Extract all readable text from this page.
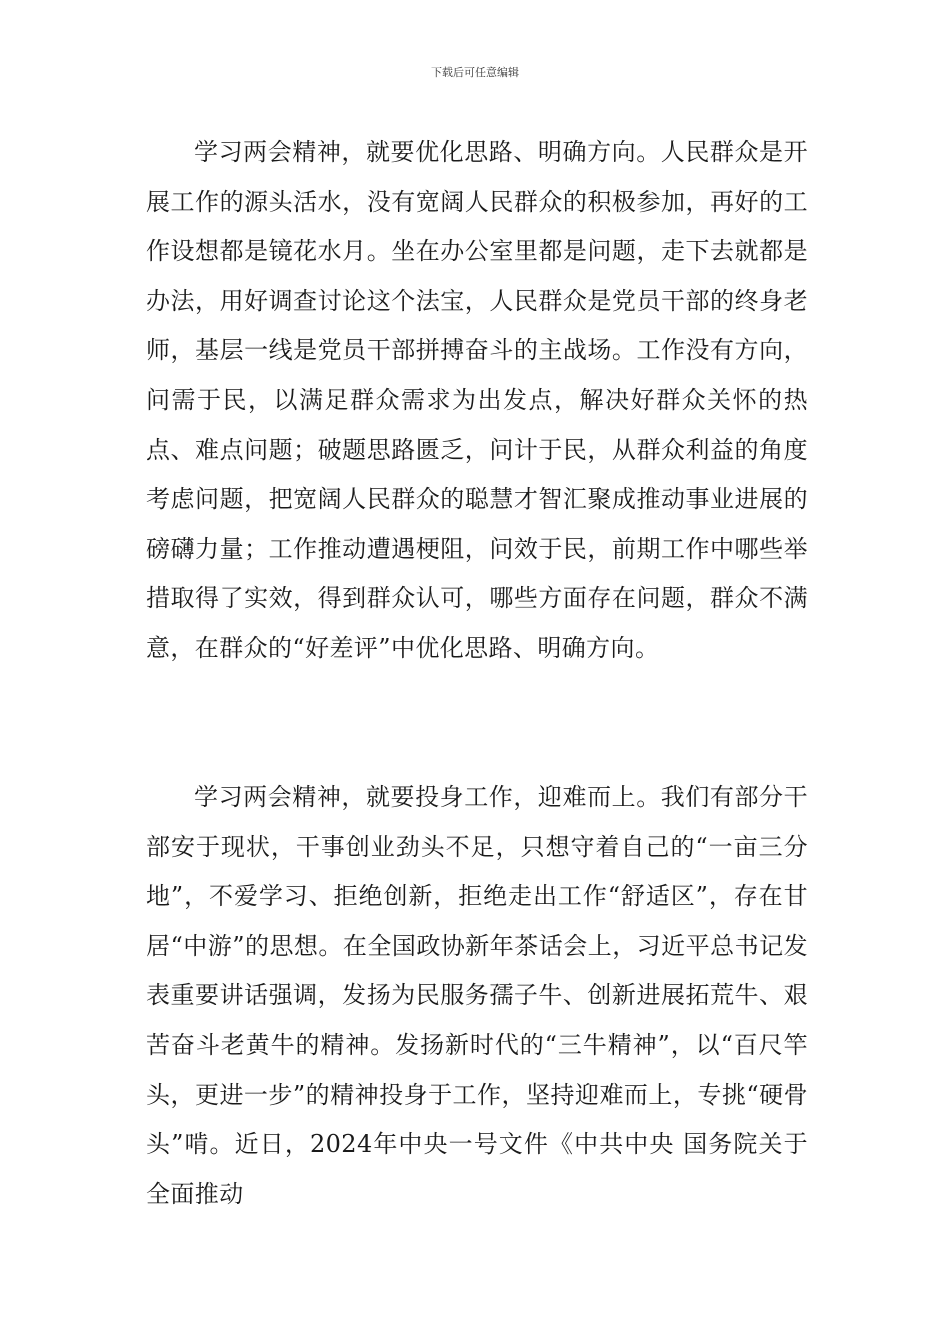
下载后可任意编辑

学习两会精神，就要优化思路、明确方向。人民群众是开展工作的源头活水，没有宽阔人民群众的积极参加，再好的工作设想都是镜花水月。坐在办公室里都是问题，走下去就都是办法，用好调查讨论这个法宝，人民群众是党员干部的终身老师，基层一线是党员干部拼搏奋斗的主战场。工作没有方向，问需于民，以满足群众需求为出发点，解决好群众关怀的热点、难点问题；破题思路匮乏，问计于民，从群众利益的角度考虑问题，把宽阔人民群众的聪慧才智汇聚成推动事业进展的磅礴力量；工作推动遭遇梗阻，问效于民，前期工作中哪些举措取得了实效，得到群众认可，哪些方面存在问题，群众不满意，在群众的“好差评”中优化思路、明确方向。

学习两会精神，就要投身工作，迎难而上。我们有部分干部安于现状，干事创业劲头不足，只想守着自己的“一亩三分地”，不爱学习、拒绝创新，拒绝走出工作“舒适区”，存在甘居“中游”的思想。在全国政协新年茶话会上，习近平总书记发表重要讲话强调，发扬为民服务孺子牛、创新进展拓荒牛、艰苦奋斗老黄牛的精神。发扬新时代的“三牛精神”，以“百尺竿头，更进一步”的精神投身于工作，坚持迎难而上，专挑“硬骨头”啃。近日，2024年中央一号文件《中共中央 国务院关于全面推动
